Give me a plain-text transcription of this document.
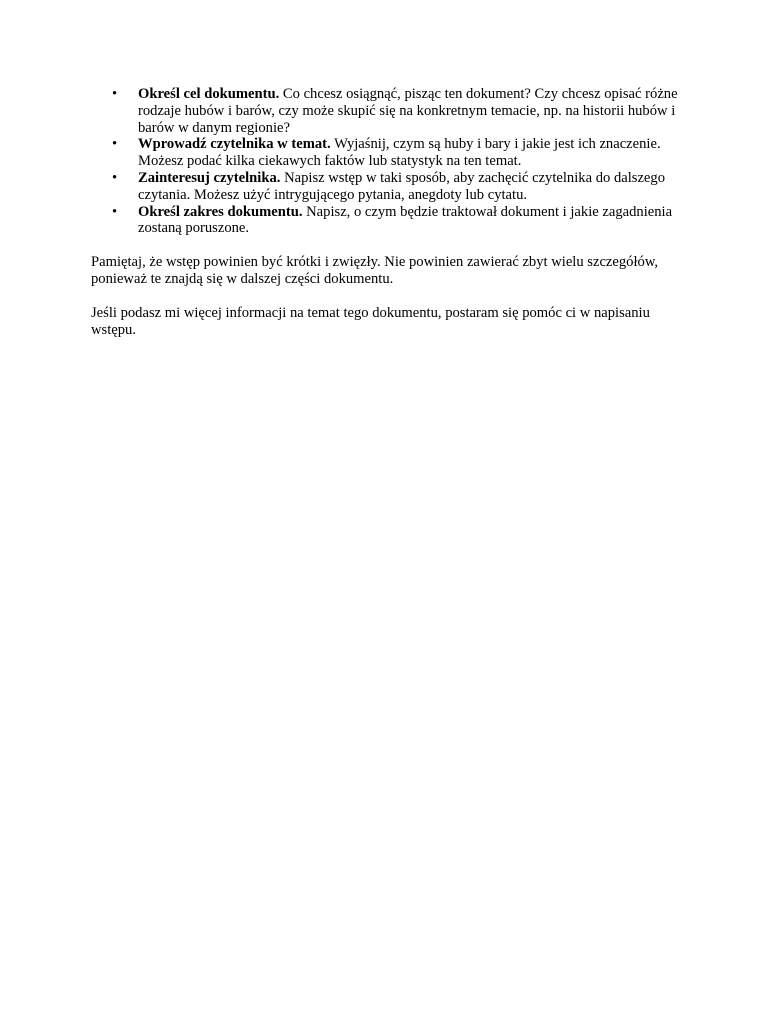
• Określ cel dokumentu. Co chcesz osiągnąć, pisząc ten dokument? Czy chcesz opisać różne rodzaje hubów i barów, czy może skupić się na konkretnym temacie, np. na historii hubów i barów w danym regionie?
• Wprowadź czytelnika w temat. Wyjaśnij, czym są huby i bary i jakie jest ich znaczenie. Możesz podać kilka ciekawych faktów lub statystyk na ten temat.
• Zainteresuj czytelnika. Napisz wstęp w taki sposób, aby zachęcić czytelnika do dalszego czytania. Możesz użyć intrygującego pytania, anegdoty lub cytatu.
• Określ zakres dokumentu. Napisz, o czym będzie traktował dokument i jakie zagadnienia zostaną poruszone.

Pamiętaj, że wstęp powinien być krótki i zwięzły. Nie powinien zawierać zbyt wielu szczegółów, ponieważ te znajdą się w dalszej części dokumentu.

Jeśli podasz mi więcej informacji na temat tego dokumentu, postaram się pomóc ci w napisaniu wstępu.
